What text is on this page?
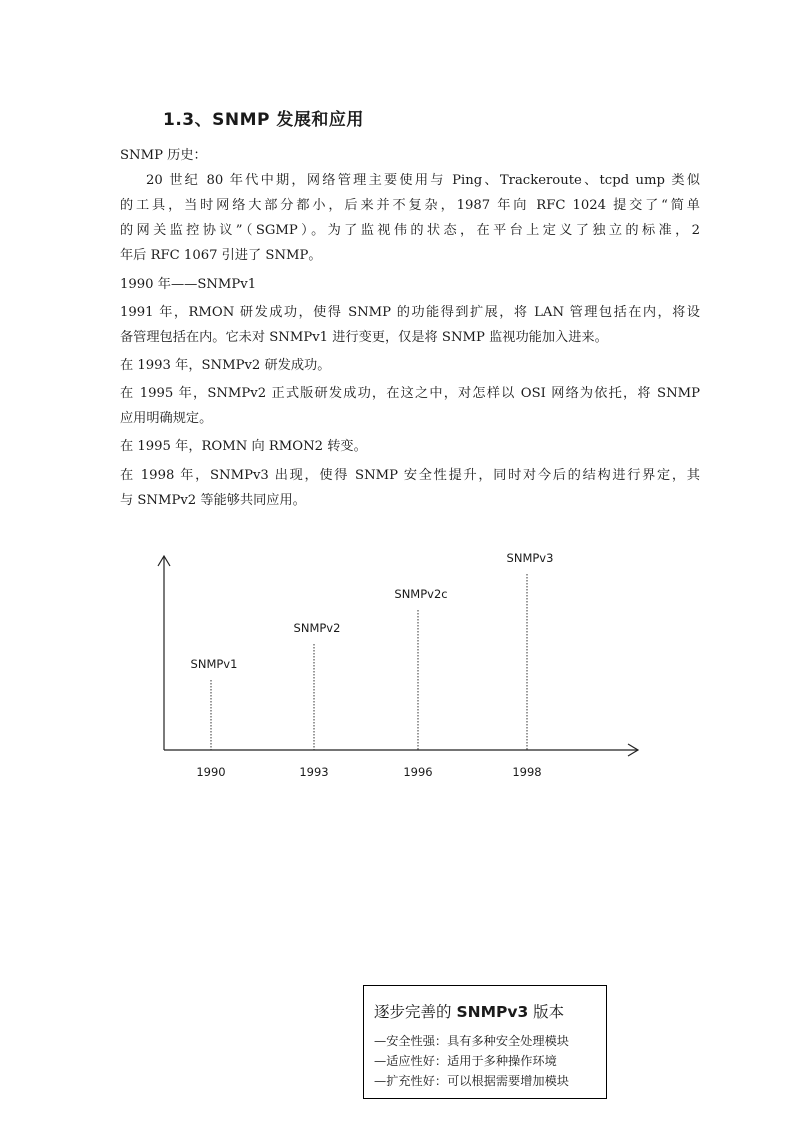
1.3、SNMP 发展和应用
SNMP 历史：
20 世纪 80 年代中期，网络管理主要使用与 Ping、Trackeroute、tcpd ump 类似
的工具，当时网络大部分都小，后来并不复杂，1987 年向 RFC 1024 提交了“简单
的网关监控协议”（SGMP）。为了监视伟的状态，在平台上定义了独立的标准，2
年后 RFC 1067 引进了 SNMP。
1990 年——SNMPv1
1991 年，RMON 研发成功，使得 SNMP 的功能得到扩展，将 LAN 管理包括在内，将设
备管理包括在内。它未对 SNMPv1 进行变更，仅是将 SNMP 监视功能加入进来。
在 1993 年，SNMPv2 研发成功。
在 1995 年，SNMPv2 正式版研发成功，在这之中，对怎样以 OSI 网络为依托，将 SNMP
应用明确规定。
在 1995 年，ROMN 向 RMON2 转变。
在 1998 年，SNMPv3 出现，使得 SNMP 安全性提升，同时对今后的结构进行界定，其
与 SNMPv2 等能够共同应用。
SNMPv1
1990
SNMPv2
1993
SNMPv2c
1996
SNMPv3
1998
逐步完善的 SNMPv3 版本
—安全性强：具有多种安全处理模块
—适应性好：适用于多种操作环境
—扩充性好：可以根据需要增加模块
